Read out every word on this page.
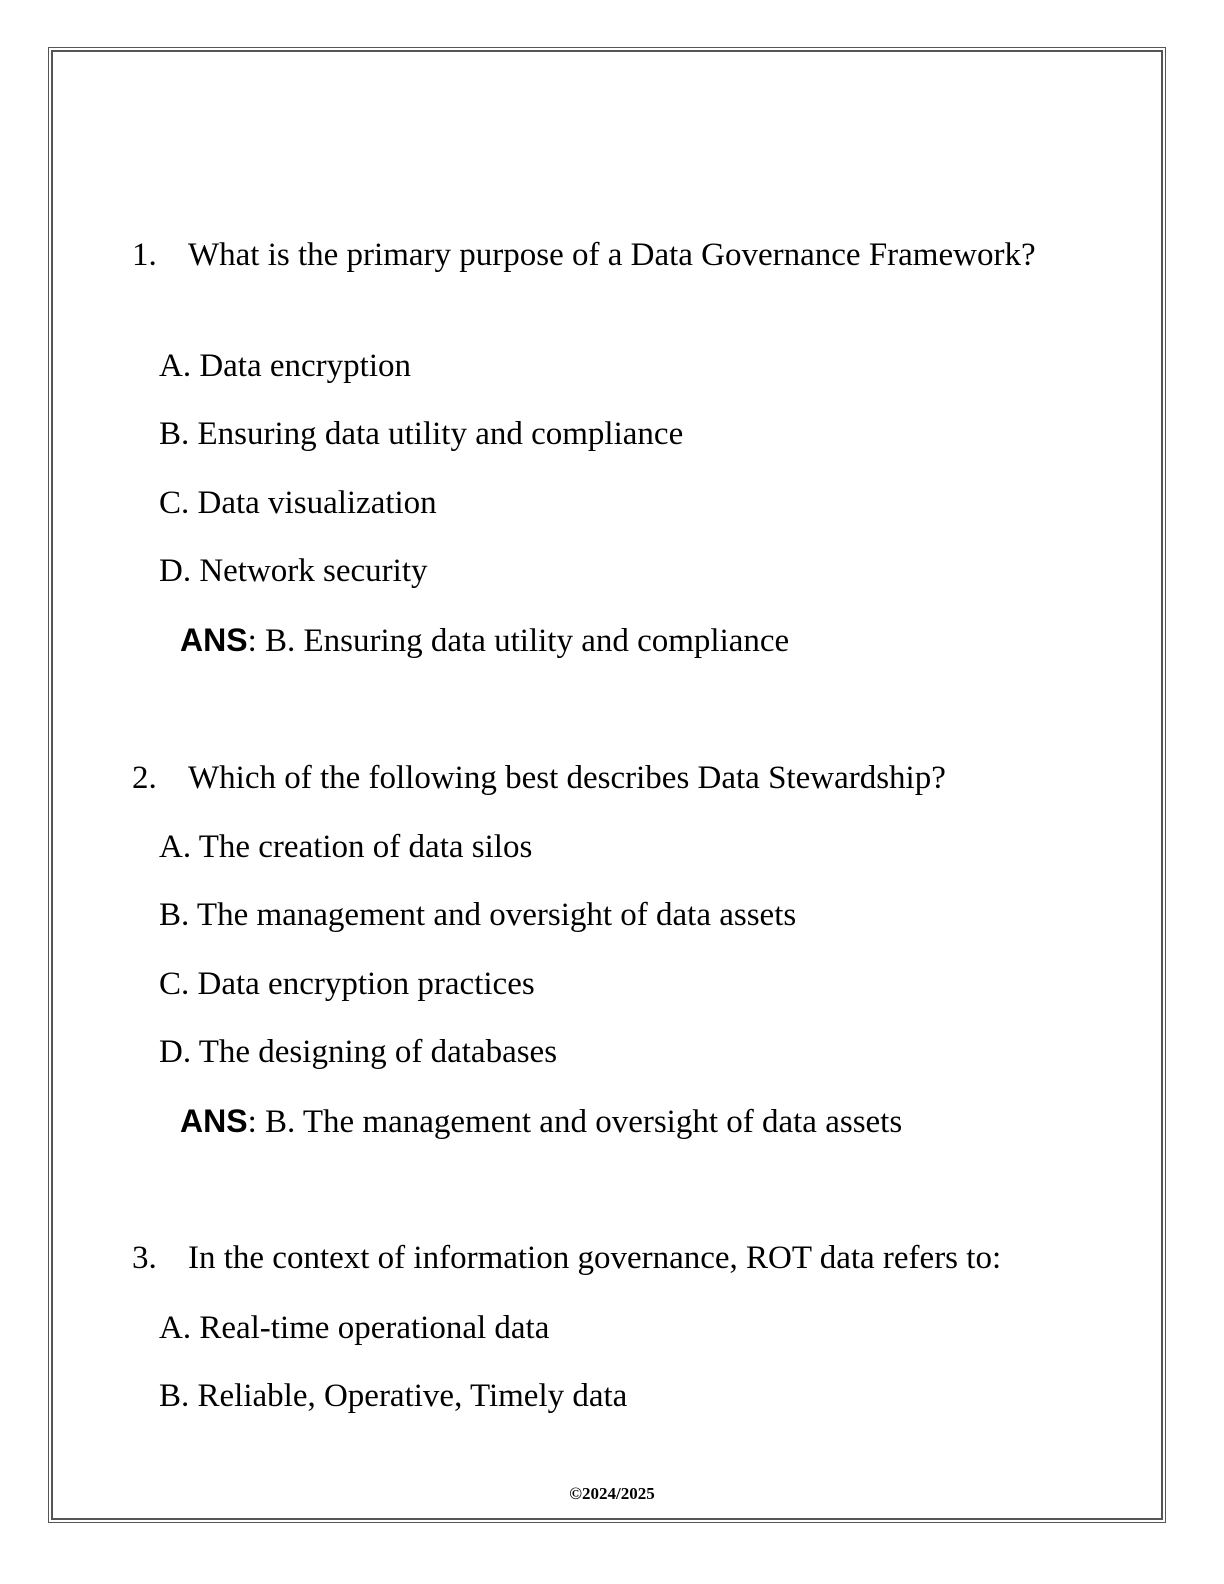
1. What is the primary purpose of a Data Governance Framework?

A. Data encryption

B. Ensuring data utility and compliance

C. Data visualization

D. Network security

ANS: B. Ensuring data utility and compliance

2. Which of the following best describes Data Stewardship?

A. The creation of data silos

B. The management and oversight of data assets

C. Data encryption practices

D. The designing of databases

ANS: B. The management and oversight of data assets

3. In the context of information governance, ROT data refers to:

A. Real-time operational data

B. Reliable, Operative, Timely data

©2024/2025
